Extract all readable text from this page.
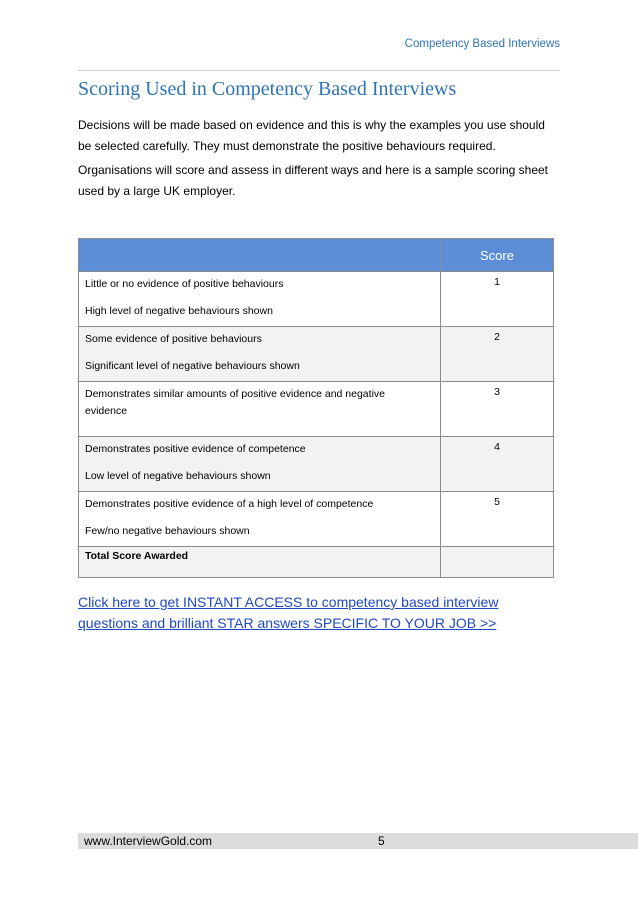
Competency Based Interviews
Scoring Used in Competency Based Interviews

Decisions will be made based on evidence and this is why the examples you use should be selected carefully. They must demonstrate the positive behaviours required.

Organisations will score and assess in different ways and here is a sample scoring sheet used by a large UK employer.

	Score

Little or no evidence of positive behaviours
High level of negative behaviours shown	1

Some evidence of positive behaviours
Significant level of negative behaviours shown	2

Demonstrates similar amounts of positive evidence and negative evidence	3

Demonstrates positive evidence of competence
Low level of negative behaviours shown	4

Demonstrates positive evidence of a high level of competence
Few/no negative behaviours shown	5
Total Score Awarded	
Click here to get INSTANT ACCESS to competency based interview questions and brilliant STAR answers SPECIFIC TO YOUR JOB >>
www.InterviewGold.com	5
